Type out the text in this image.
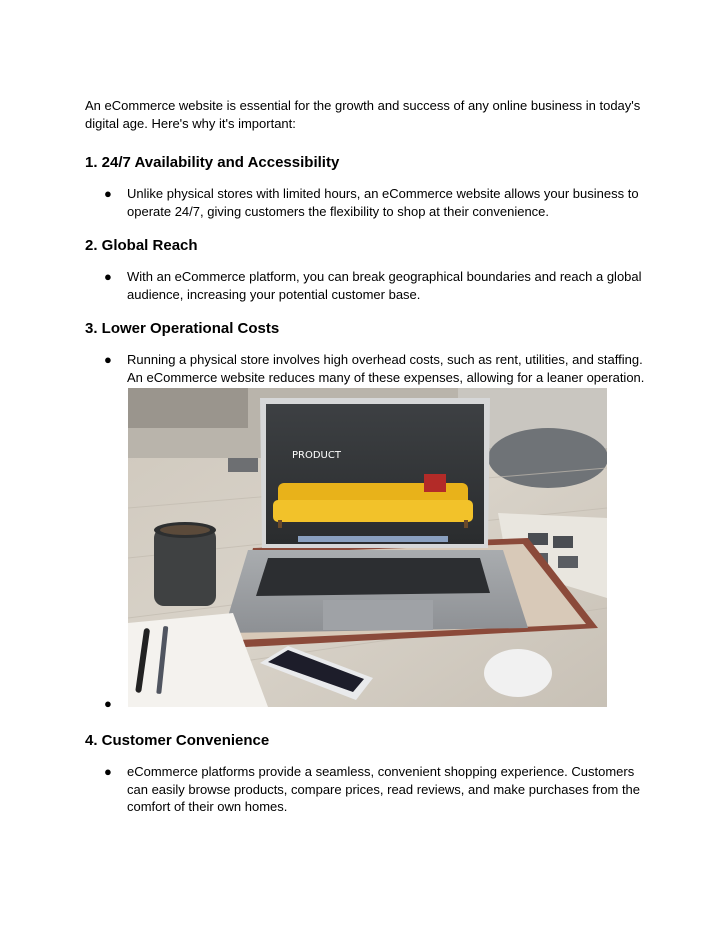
An eCommerce website is essential for the growth and success of any online business in today's digital age. Here's why it's important:

1. 24/7 Availability and Accessibility
● Unlike physical stores with limited hours, an eCommerce website allows your business to operate 24/7, giving customers the flexibility to shop at their convenience.
2. Global Reach
● With an eCommerce platform, you can break geographical boundaries and reach a global audience, increasing your potential customer base.
3. Lower Operational Costs
● Running a physical store involves high overhead costs, such as rent, utilities, and staffing. An eCommerce website reduces many of these expenses, allowing for a leaner operation.
●
PRODUCT
4. Customer Convenience
● eCommerce platforms provide a seamless, convenient shopping experience. Customers can easily browse products, compare prices, read reviews, and make purchases from the comfort of their own homes.
